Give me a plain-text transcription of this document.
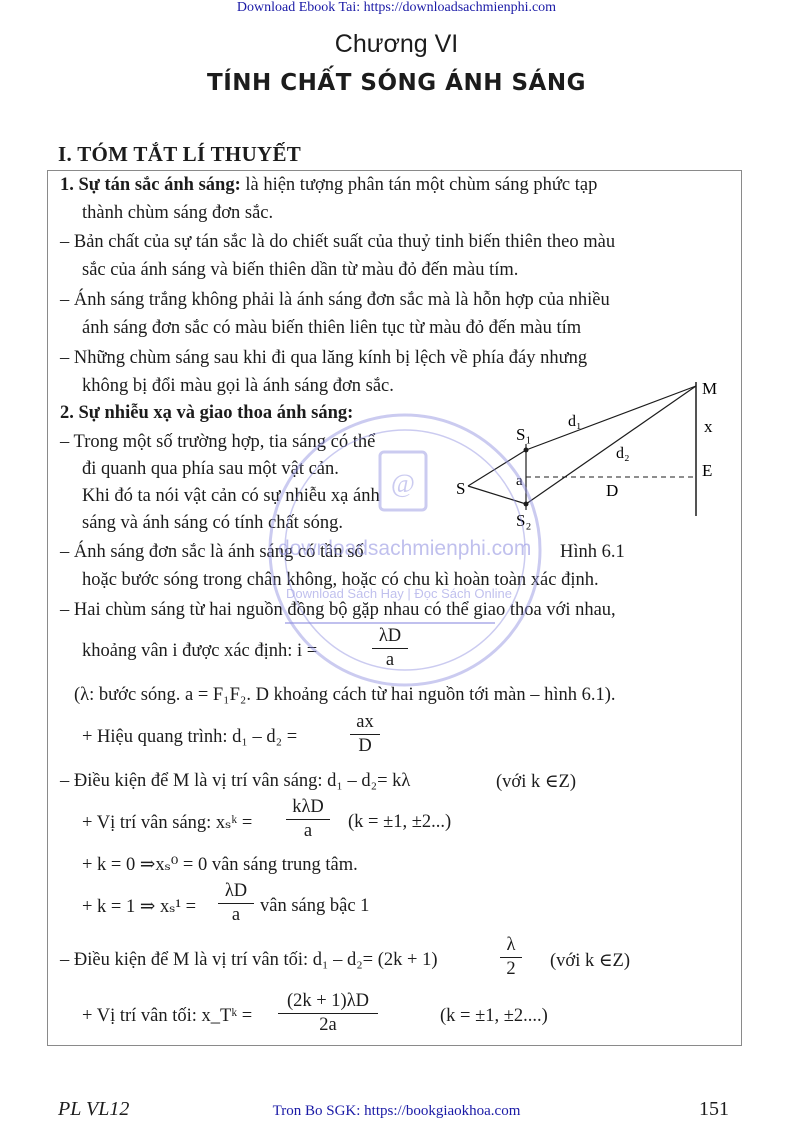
Download Ebook Tai: https://downloadsachmienphi.com
Chương VI
TÍNH CHẤT SÓNG ÁNH SÁNG
I. TÓM TẮT LÍ THUYẾT
1. Sự tán sắc ánh sáng: là hiện tượng phân tán một chùm sáng phức tạp
thành chùm sáng đơn sắc.
– Bản chất của sự tán sắc là do chiết suất của thuỷ tinh biến thiên theo màu
sắc của ánh sáng và biến thiên dần từ màu đỏ đến màu tím.
– Ánh sáng trắng không phải là ánh sáng đơn sắc mà là hỗn hợp của nhiều
ánh sáng đơn sắc có màu biến thiên liên tục từ màu đỏ đến màu tím
– Những chùm sáng sau khi đi qua lăng kính bị lệch về phía đáy nhưng
không bị đổi màu gọi là ánh sáng đơn sắc.
2. Sự nhiễu xạ và giao thoa ánh sáng:
– Trong một số trường hợp, tia sáng có thể
đi quanh qua phía sau một vật cản.
Khi đó ta nói vật cản có sự nhiễu xạ ánh
sáng và ánh sáng có tính chất sóng.
– Ánh sáng đơn sắc là ánh sáng có tần số	Hình 6.1
hoặc bước sóng trong chân không, hoặc có chu kì hoàn toàn xác định.
– Hai chùm sáng từ hai nguồn đồng bộ gặp nhau có thể giao thoa với nhau,
khoảng vân i được xác định: i =
λD
a
(λ: bước sóng. a = F₁F₂. D khoảng cách từ hai nguồn tới màn – hình 6.1).
+ Hiệu quang trình: d₁ – d₂ =
ax
D
– Điều kiện để M là vị trí vân sáng: d₁ – d₂= kλ	(với k ∈Z)
+ Vị trí vân sáng: xₛᵏ =
kλD
a	(k = ±1, ±2...)
+ k = 0 ⇒xₛ⁰ = 0 vân sáng trung tâm.
+ k = 1 ⇒ xₛ¹ =
λD
a	vân sáng bậc 1
– Điều kiện để M là vị trí vân tối: d₁ – d₂= (2k + 1)
λ
2	(với k ∈Z)
+ Vị trí vân tối: x_Tᵏ =
(2k + 1)λD
2a	(k = ±1, ±2....)
M
x
E
D
S
S₁
S₂
a
d₁
d₂
@
downloadsachmienphi.com
Download Sách Hay | Đọc Sách Online
PL VL12	Tron Bo SGK: https://bookgiaokhoa.com	151
